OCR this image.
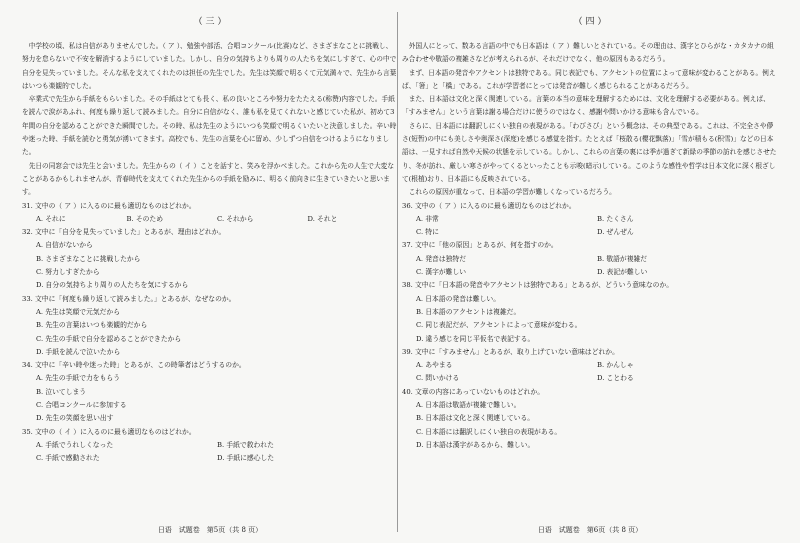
（ 三 ）

中学校の頃、私は自信がありませんでした。（ ア ）、勉強や部活、合唱コンクール(比赛)など、さまざまなことに挑戦し、努力を怠らないで不安を解消するようにしていました。しかし、自分の気持ちよりも周りの人たちを気にしすぎて、心の中で自分を見失っていました。そんな私を支えてくれたのは担任の先生でした。先生は笑顔で明るくて元気満々で、先生から言葉はいつも楽観的でした。

卒業式で先生から手紙をもらいました。その手紙はとても長く、私の良いところや努力をたたえる(称赞)内容でした。手紙を読んで涙があふれ、何度も繰り返して読みました。自分に自信がなく、誰も私を見てくれないと感じていた私が、初めて3年間の自分を認めることができた瞬間でした。その時、私は先生のようにいつも笑顔で明るくいたいと決意しました。辛い時や迷った時、手紙を読むと勇気が湧いてきます。高校でも、先生の言葉を心に留め、少しずつ自信をつけるようになりました。

先日の同窓会では先生と会いました。先生からの（ イ ）ことを話すと、笑みを浮かべました。これから先の人生で大変なことがあるかもしれませんが、青春時代を支えてくれた先生からの手紙を励みに、明るく前向きに生きていきたいと思います。

31. 文中の（ ア ）に入るのに最も適切なものはどれか。

A. それに	B. そのため	C. それから	D. それと

32. 文中に「自分を見失っていました」とあるが、理由はどれか。

A. 自信がないから

B. さまざまなことに挑戦したから

C. 努力しすぎたから

D. 自分の気持ちより周りの人たちを気にするから

33. 文中に「何度も繰り返して読みました。」とあるが、なぜなのか。

A. 先生は笑顔で元気だから

B. 先生の言葉はいつも楽観的だから

C. 先生の手紙で自分を認めることができたから

D. 手紙を読んで泣いたから

34. 文中に「辛い時や迷った時」とあるが、この時筆者はどうするのか。

A. 先生の手紙で力をもらう

B. 泣いてしまう

C. 合唱コンクールに参加する

D. 先生の笑顔を思い出す

35. 文中の（ イ ）に入るのに最も適切なものはどれか。

A. 手紙でうれしくなった	B. 手紙で救われた
C. 手紙で感動された	D. 手紙に感心した
日语　试题卷　第5页（共 8 页）
（ 四 ）

外国人にとって、数ある言語の中でも日本語は（ ア ）難しいとされている。その理由は、漢字とひらがな・カタカナの組み合わせや敬語の複雑さなどが考えられるが、それだけでなく、他の原因もあるだろう。

まず、日本語の発音やアクセントは独特である。同じ表記でも、アクセントの位置によって意味が変わることがある。例えば、「箸」と「橋」である。これが学習者にとっては発音が難しく感じられることがあるだろう。

また、日本語は文化と深く関連している。言葉の本当の意味を理解するためには、文化を理解する必要がある。例えば、「すみません」という言葉は謝る場合だけに使うのではなく、感謝や問いかける意味も含んでいる。

さらに、日本語には翻訳しにくい独自の表現がある。「わびさび」という概念は、その典型である。これは、不完全さや儚さ(短暂)の中にも美しさや奥深さ(深度)を感じる感覚を指す。たとえば「桜散る(樱花飘落)」「雪が積もる(积雪)」などの日本語は、一見すれば自然や天候の状態を示している。しかし、これらの言葉の裏には季が過ぎて新緑の季節の訪れを感じさせたり、冬が訪れ、厳しい寒さがやってくるといったことも示唆(暗示)している。このような感性や哲学は日本文化に深く根ざして(根植)おり、日本語にも反映されている。

これらの原因が重なって、日本語の学習が難しくなっているだろう。

36. 文中の（ ア ）に入るのに最も適切なものはどれか。

A. 非常	B. たくさん
C. 特に	D. ぜんぜん

37. 文中に「他の原因」とあるが、何を指すのか。

A. 発音は独特だ	B. 敬語が複雑だ
C. 漢字が難しい	D. 表記が難しい

38. 文中に「日本語の発音やアクセントは独特である」とあるが、どういう意味なのか。

A. 日本語の発音は難しい。

B. 日本語のアクセントは複雑だ。

C. 同じ表記だが、アクセントによって意味が変わる。

D. 違う感じを同じ平仮名で表記する。

39. 文中に「すみません」とあるが、取り上げていない意味はどれか。

A. あやまる	B. かんしゃ
C. 問いかける	D. ことわる

40. 文章の内容にあっていないものはどれか。

A. 日本語は敬語が複雑で難しい。

B. 日本語は文化と深く関連している。

C. 日本語には翻訳しにくい独自の表現がある。

D. 日本語は漢字があるから、難しい。

日语　试题卷　第6页（共 8 页）
